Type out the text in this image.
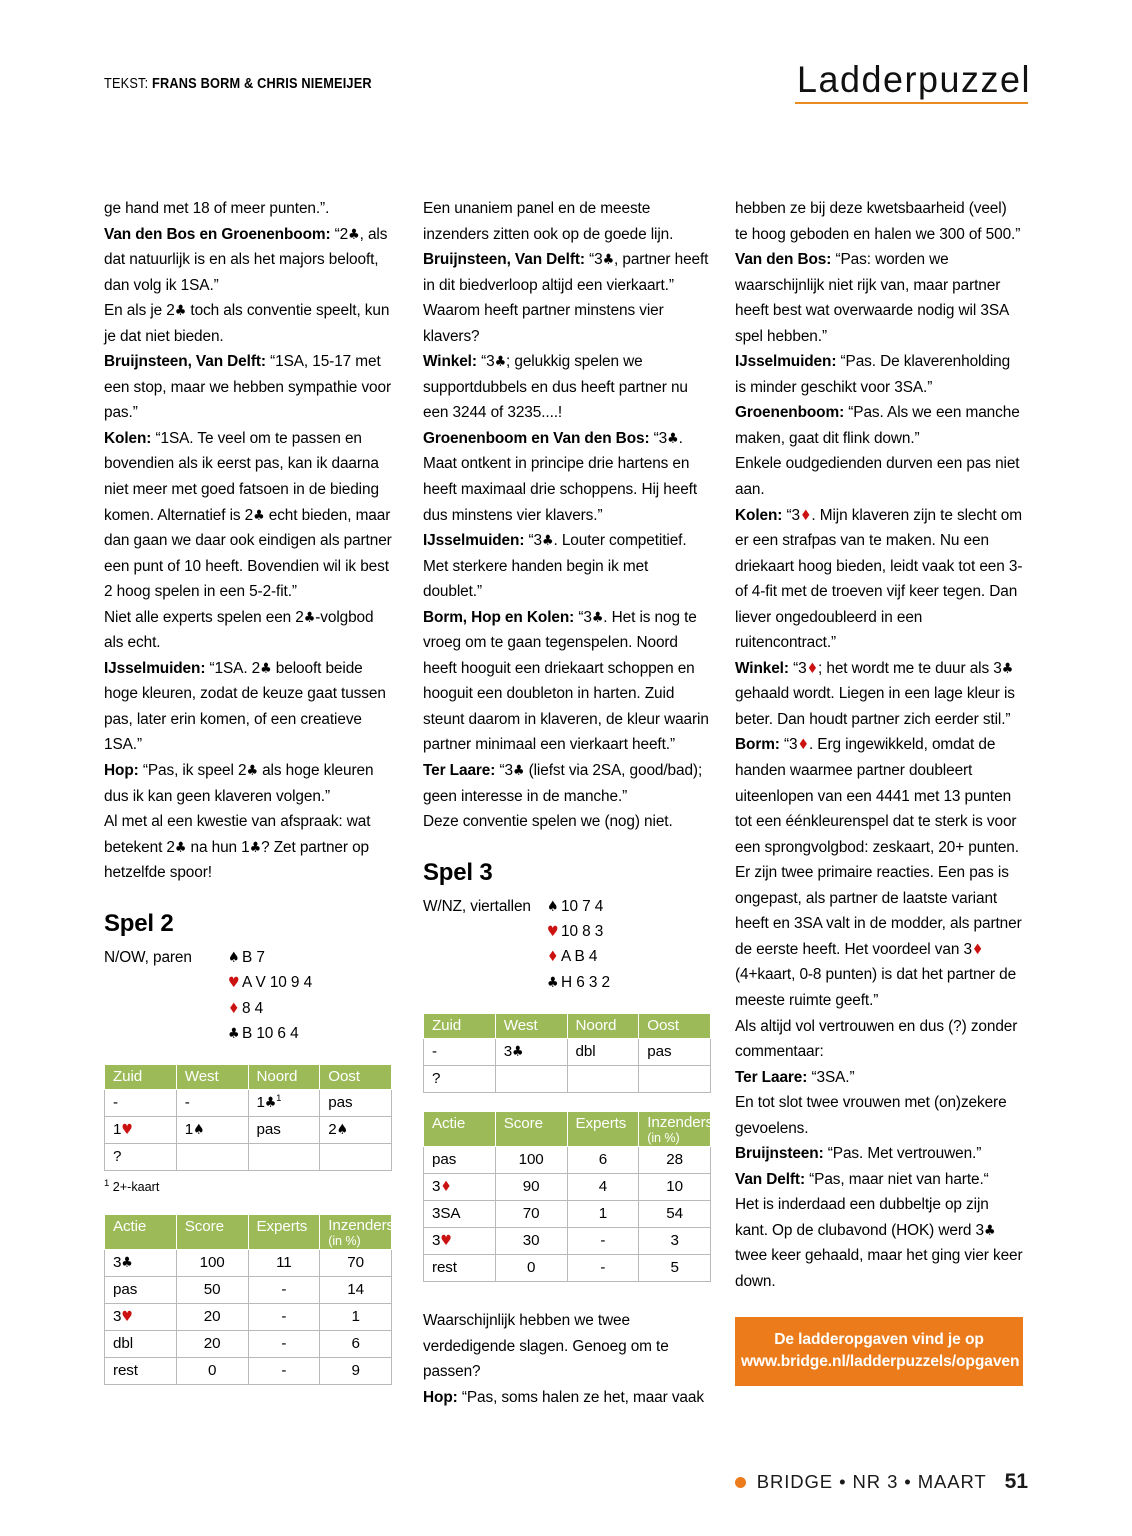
TEKST: FRANS BORM & CHRIS NIEMEIJER	Ladderpuzzel

ge hand met 18 of meer punten.”.

Van den Bos en Groenenboom: “2♣, als dat natuurlijk is en als het majors belooft, dan volg ik 1SA.”

En als je 2♣ toch als conventie speelt, kun je dat niet bieden.

Bruijnsteen, Van Delft: “1SA, 15-17 met een stop, maar we hebben sympathie voor pas.”

Kolen: “1SA. Te veel om te passen en bovendien als ik eerst pas, kan ik daarna niet meer met goed fatsoen in de bieding komen. Alternatief is 2♣ echt bieden, maar dan gaan we daar ook eindigen als partner een punt of 10 heeft. Bovendien wil ik best 2 hoog spelen in een 5-2-fit.”

Niet alle experts spelen een 2♣-volgbod als echt.

IJsselmuiden: “1SA. 2♣ belooft beide hoge kleuren, zodat de keuze gaat tussen pas, later erin komen, of een creatieve 1SA.”

Hop: “Pas, ik speel 2♣ als hoge kleuren dus ik kan geen klaveren volgen.”

Al met al een kwestie van afspraak: wat betekent 2♣ na hun 1♣? Zet partner op hetzelfde spoor!

Spel 2
N/OW, paren	♠ B 7
♥ A V 10 9 4
♦ 8 4
♣ B 10 6 4
Zuid	West	Noord	Oost
-	-	1♣$^1$	pas
1♥	1♠	pas	2♠
?			
$^1$ 2+-kaart
Actie	Score	Experts	Inzenders
(in %)

3♣	100	11	70
pas	50	-	14
3♥	20	-	1
dbl	20	-	6
rest	0	-	9

Een unaniem panel en de meeste inzenders zitten ook op de goede lijn.

Bruijnsteen, Van Delft: “3♣, partner heeft in dit biedverloop altijd een vierkaart.”

Waarom heeft partner minstens vier klavers?

Winkel: “3♣; gelukkig spelen we supportdubbels en dus heeft partner nu een 3244 of 3235....!

Groenenboom en Van den Bos: “3♣. Maat ontkent in principe drie hartens en heeft maximaal drie schoppens. Hij heeft dus minstens vier klavers.”

IJsselmuiden: “3♣. Louter competitief. Met sterkere handen begin ik met doublet.”

Borm, Hop en Kolen: “3♣. Het is nog te vroeg om te gaan tegenspelen. Noord heeft hooguit een driekaart schoppen en hooguit een doubleton in harten. Zuid steunt daarom in klaveren, de kleur waarin partner minimaal een vierkaart heeft.”

Ter Laare: “3♣ (liefst via 2SA, good/bad); geen interesse in de manche.”

Deze conventie spelen we (nog) niet.

Spel 3
W/NZ, viertallen	♠ 10 7 4
♥ 10 8 3
♦ A B 4
♣ H 6 3 2
Zuid	West	Noord	Oost
-	3♣	dbl	pas
?			
Actie	Score	Experts	Inzenders
(in %)

pas	100	6	28
3♦	90	4	10
3SA	70	1	54
3♥	30	-	3
rest	0	-	5

Waarschijnlijk hebben we twee verdedigende slagen. Genoeg om te passen?

Hop: “Pas, soms halen ze het, maar vaak

hebben ze bij deze kwetsbaarheid (veel) te hoog geboden en halen we 300 of 500.”

Van den Bos: “Pas: worden we waarschijnlijk niet rijk van, maar partner heeft best wat overwaarde nodig wil 3SA spel hebben.”

IJsselmuiden: “Pas. De klaverenholding is minder geschikt voor 3SA.”

Groenenboom: “Pas. Als we een manche maken, gaat dit flink down.”

Enkele oudgedienden durven een pas niet aan.

Kolen: “3♦. Mijn klaveren zijn te slecht om er een strafpas van te maken. Nu een driekaart hoog bieden, leidt vaak tot een 3- of 4-fit met de troeven vijf keer tegen. Dan liever ongedoubleerd in een ruitencontract.”

Winkel: “3♦; het wordt me te duur als 3♣ gehaald wordt. Liegen in een lage kleur is beter. Dan houdt partner zich eerder stil.”

Borm: “3♦. Erg ingewikkeld, omdat de handen waarmee partner doubleert uiteenlopen van een 4441 met 13 punten tot een éénkleurenspel dat te sterk is voor een sprongvolgbod: zeskaart, 20+ punten. Er zijn twee primaire reacties. Een pas is ongepast, als partner de laatste variant heeft en 3SA valt in de modder, als partner de eerste heeft. Het voordeel van 3♦ (4+kaart, 0-8 punten) is dat het partner de meeste ruimte geeft.”

Als altijd vol vertrouwen en dus (?) zonder commentaar:

Ter Laare: “3SA.”

En tot slot twee vrouwen met (on)zekere gevoelens.

Bruijnsteen: “Pas. Met vertrouwen.”

Van Delft: “Pas, maar niet van harte.“

Het is inderdaad een dubbeltje op zijn kant. Op de clubavond (HOK) werd 3♣ twee keer gehaald, maar het ging vier keer down.

De ladderopgaven vind je op
www.bridge.nl/ladderpuzzels/opgaven
BRIDGE • NR 3 • MAART 51
